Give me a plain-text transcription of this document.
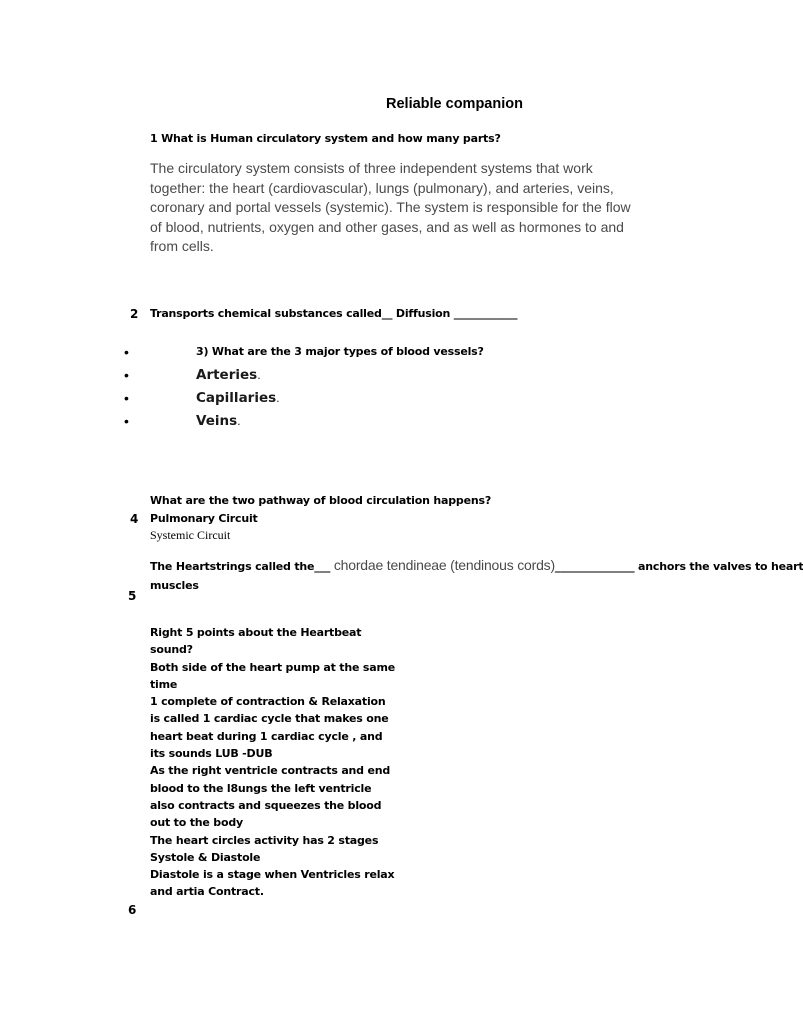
Reliable companion
1 What is Human circulatory system and how many parts?
The circulatory system consists of three independent systems that work
together: the heart (cardiovascular), lungs (pulmonary), and arteries, veins,
coronary and portal vessels (systemic). The system is responsible for the flow
of blood, nutrients, oxygen and other gases, and as well as hormones to and
from cells.
2 Transports chemical substances called__ Diffusion ____________
•	3) What are the 3 major types of blood vessels?
•	Arteries.
•	Capillaries.
•	Veins.
What are the two pathway of blood circulation happens?
4 Pulmonary Circuit
Systemic Circuit
The Heartstrings called the___ chordae tendineae (tendinous cords)_______________ anchors the valves to heart
muscles
5
Right 5 points about the Heartbeat
sound?
Both side of the heart pump at the same
time
1 complete of contraction & Relaxation
is called 1 cardiac cycle that makes one
heart beat during 1 cardiac cycle , and
its sounds LUB -DUB
As the right ventricle contracts and end
blood to the l8ungs the left ventricle
also contracts and squeezes the blood
out to the body
The heart circles activity has 2 stages
Systole & Diastole
Diastole is a stage when Ventricles relax
and artia Contract.
6
